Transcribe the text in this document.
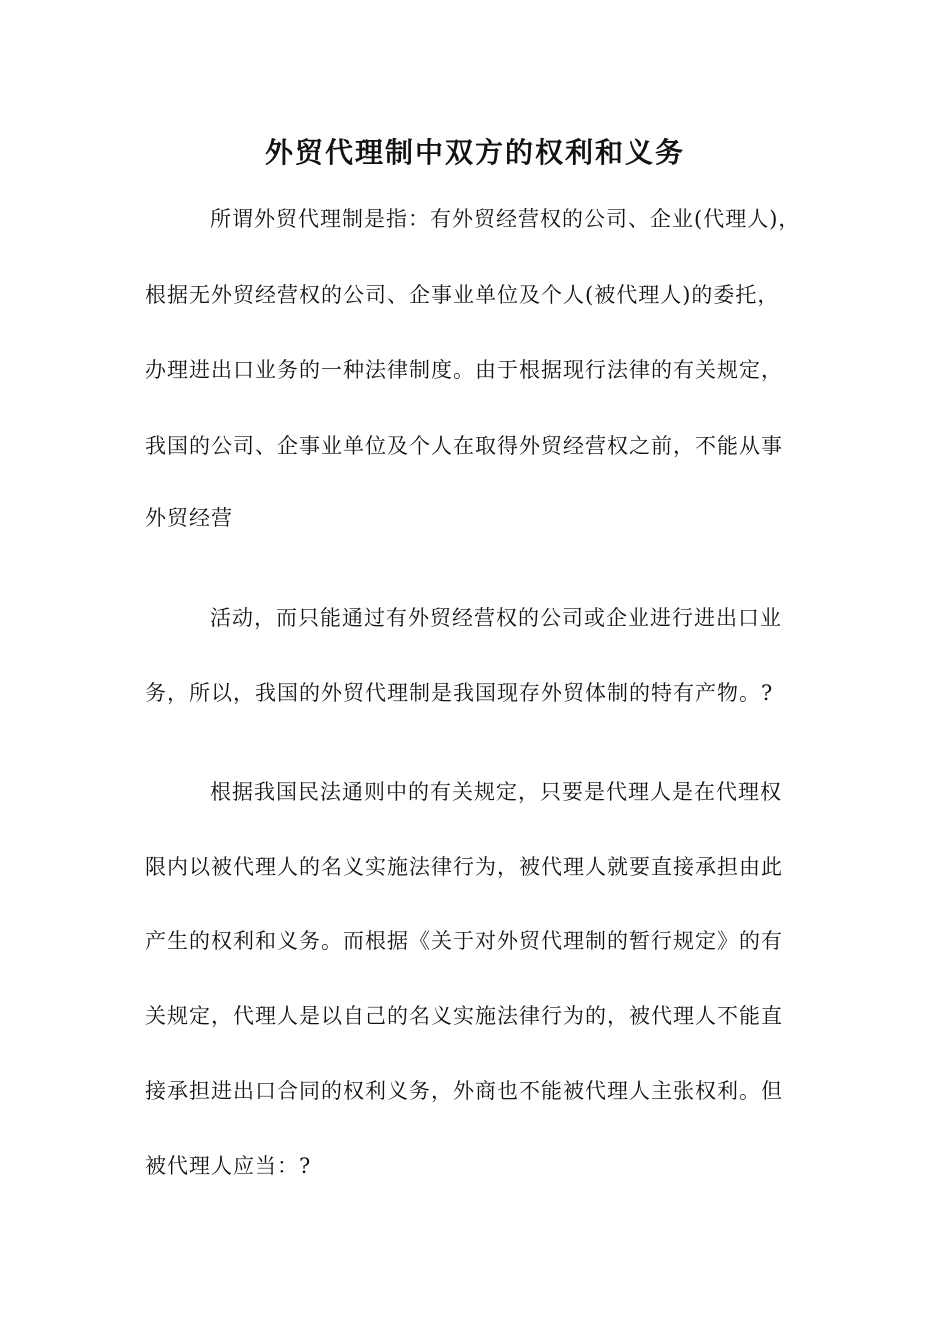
外贸代理制中双方的权利和义务

所谓外贸代理制是指：有外贸经营权的公司、企业(代理人)，

根据无外贸经营权的公司、企事业单位及个人(被代理人)的委托，

办理进出口业务的一种法律制度。由于根据现行法律的有关规定，

我国的公司、企事业单位及个人在取得外贸经营权之前，不能从事

外贸经营

活动，而只能通过有外贸经营权的公司或企业进行进出口业

务，所以，我国的外贸代理制是我国现存外贸体制的特有产物。?

根据我国民法通则中的有关规定，只要是代理人是在代理权

限内以被代理人的名义实施法律行为，被代理人就要直接承担由此

产生的权利和义务。而根据《关于对外贸代理制的暂行规定》的有

关规定，代理人是以自己的名义实施法律行为的，被代理人不能直

接承担进出口合同的权利义务，外商也不能被代理人主张权利。但

被代理人应当：?
